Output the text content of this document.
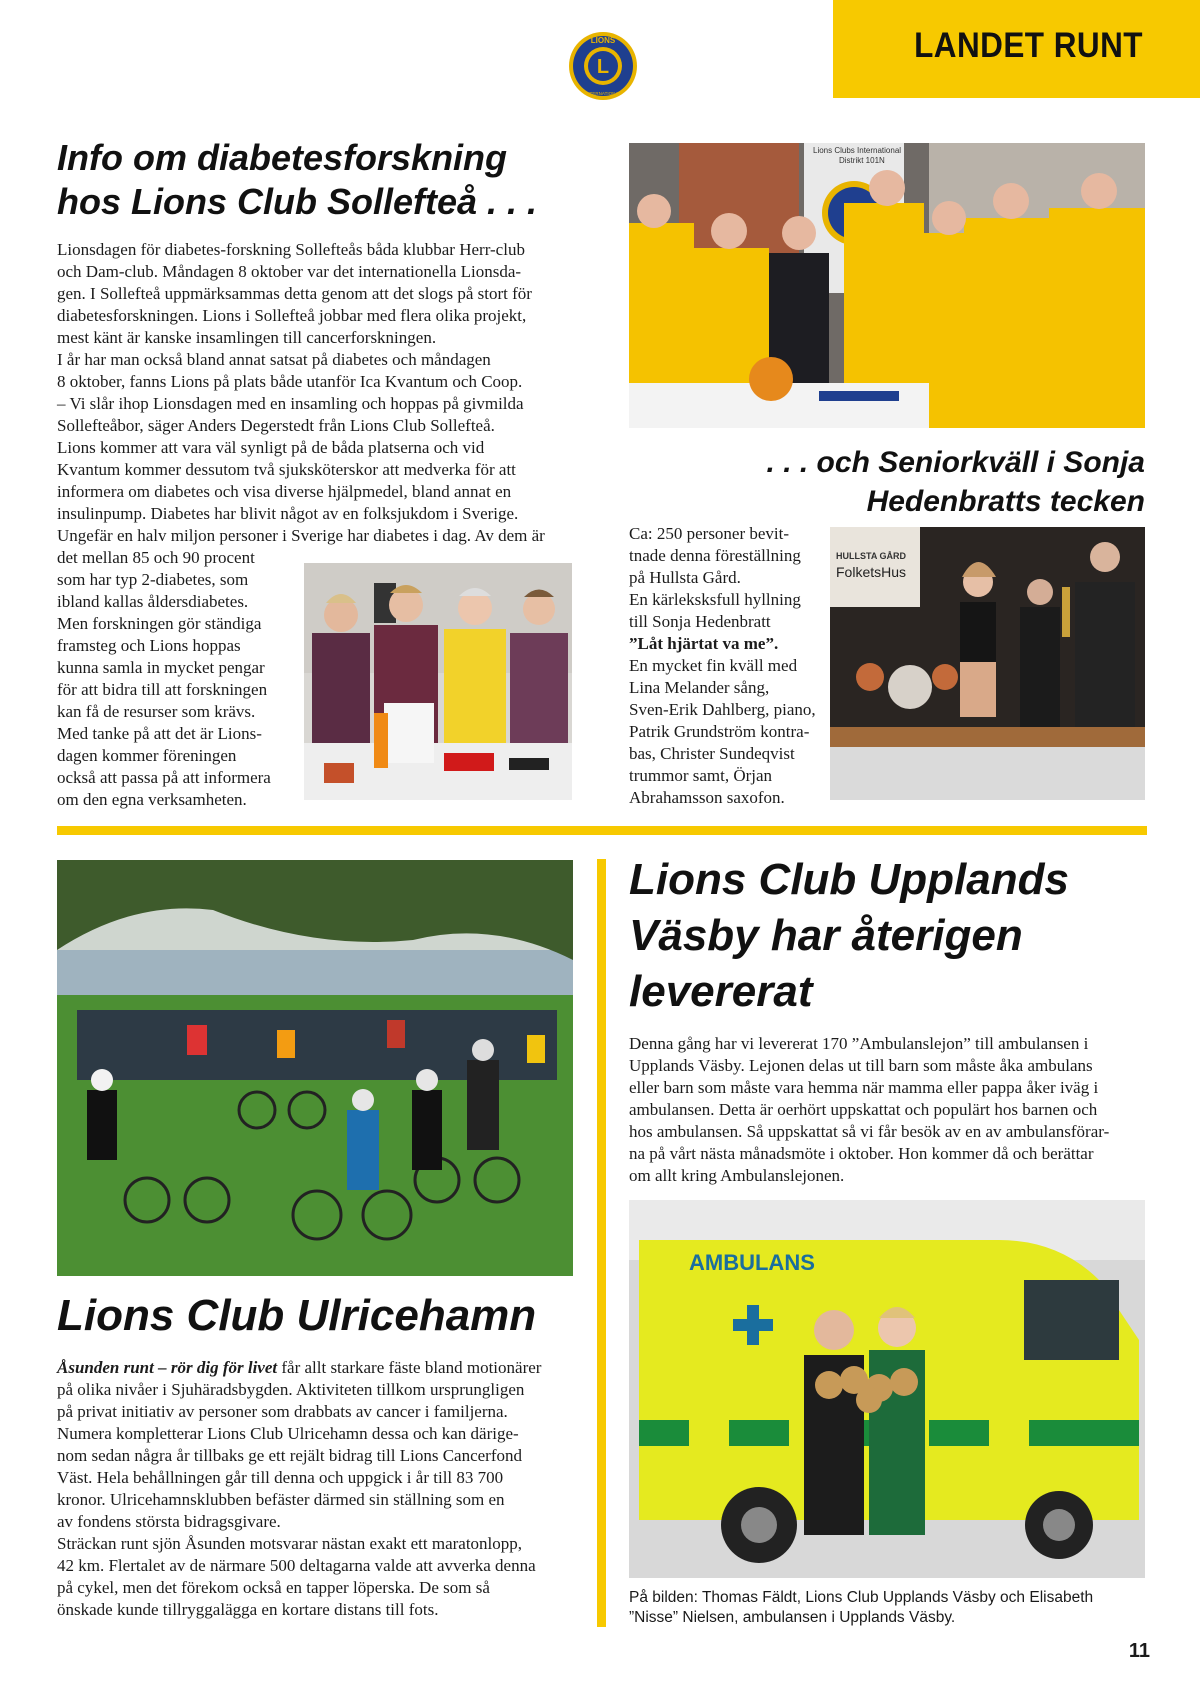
LANDET RUNT
L
LIONS
INTERNATIONAL
Info om diabetesforskning
hos Lions Club Sollefteå . . .

Lionsdagen för diabetes-forskning Sollefteås båda klubbar Herr-club

och Dam-club. Måndagen 8 oktober var det internationella Lionsda-

gen. I Sollefteå uppmärksammas detta genom att det slogs på stort för

diabetesforskningen. Lions i Sollefteå jobbar med flera olika projekt,

mest känt är kanske insamlingen till cancerforskningen.

I år har man också bland annat satsat på diabetes och måndagen

8 oktober, fanns Lions på plats både utanför Ica Kvantum och Coop.

– Vi slår ihop Lionsdagen med en insamling och hoppas på givmilda

Sollefteåbor, säger Anders Degerstedt från Lions Club Sollefteå.

Lions kommer att vara väl synligt på de båda platserna och vid

Kvantum kommer dessutom två sjuksköterskor att medverka för att

informera om diabetes och visa diverse hjälpmedel, bland annat en

insulinpump. Diabetes har blivit något av en folksjukdom i Sverige.

Ungefär en halv miljon personer i Sverige har diabetes i dag. Av dem är

det mellan 85 och 90 procent

som har typ 2-diabetes, som

ibland kallas åldersdiabetes.

Men forskningen gör ständiga

framsteg och Lions hoppas

kunna samla in mycket pengar

för att bidra till att forskningen

kan få de resurser som krävs.

Med tanke på att det är Lions-

dagen kommer föreningen

också att passa på att informera

om den egna verksamheten.

Lions Clubs International
Distrikt 101N
. . . och Seniorkväll i Sonja
Hedenbratts tecken

Ca: 250 personer bevit-

tnade denna föreställning

på Hullsta Gård.

En kärleksksfull hyllning

till Sonja Hedenbratt

”Låt hjärtat va me”.

En mycket fin kväll med

Lina Melander sång,

Sven-Erik Dahlberg, piano,

Patrik Grundström kontra-

bas, Christer Sundeqvist

trummor samt, Örjan

Abrahamsson saxofon.

HULLSTA GÅRD
FolketsHus
Lions Club Ulricehamn

Åsunden runt – rör dig för livet får allt starkare fäste bland motionärer

på olika nivåer i Sjuhäradsbygden. Aktiviteten tillkom ursprungligen

på privat initiativ av personer som drabbats av cancer i familjerna.

Numera kompletterar Lions Club Ulricehamn dessa och kan därige-

nom sedan några år tillbaks ge ett rejält bidrag till Lions Cancerfond

Väst. Hela behållningen går till denna och uppgick i år till 83 700

kronor. Ulricehamnsklubben befäster därmed sin ställning som en

av fondens största bidragsgivare.

Sträckan runt sjön Åsunden motsvarar nästan exakt ett maratonlopp,

42 km. Flertalet av de närmare 500 deltagarna valde att avverka denna

på cykel, men det förekom också en tapper löperska. De som så

önskade kunde tillryggalägga en kortare distans till fots.

Lions Club Upplands
Väsby har återigen
levererat

Denna gång har vi levererat 170 ”Ambulanslejon” till ambulansen i

Upplands Väsby. Lejonen delas ut till barn som måste åka ambulans

eller barn som måste vara hemma när mamma eller pappa åker iväg i

ambulansen. Detta är oerhört uppskattat och populärt hos barnen och

hos ambulansen. Så uppskattat så vi får besök av en av ambulansförar-

na på vårt nästa månadsmöte i oktober. Hon kommer då och berättar

om allt kring Ambulanslejonen.

AMBULANS
På bilden: Thomas Fäldt, Lions Club Upplands Väsby och Elisabeth
”Nisse” Nielsen, ambulansen i Upplands Väsby.
11
